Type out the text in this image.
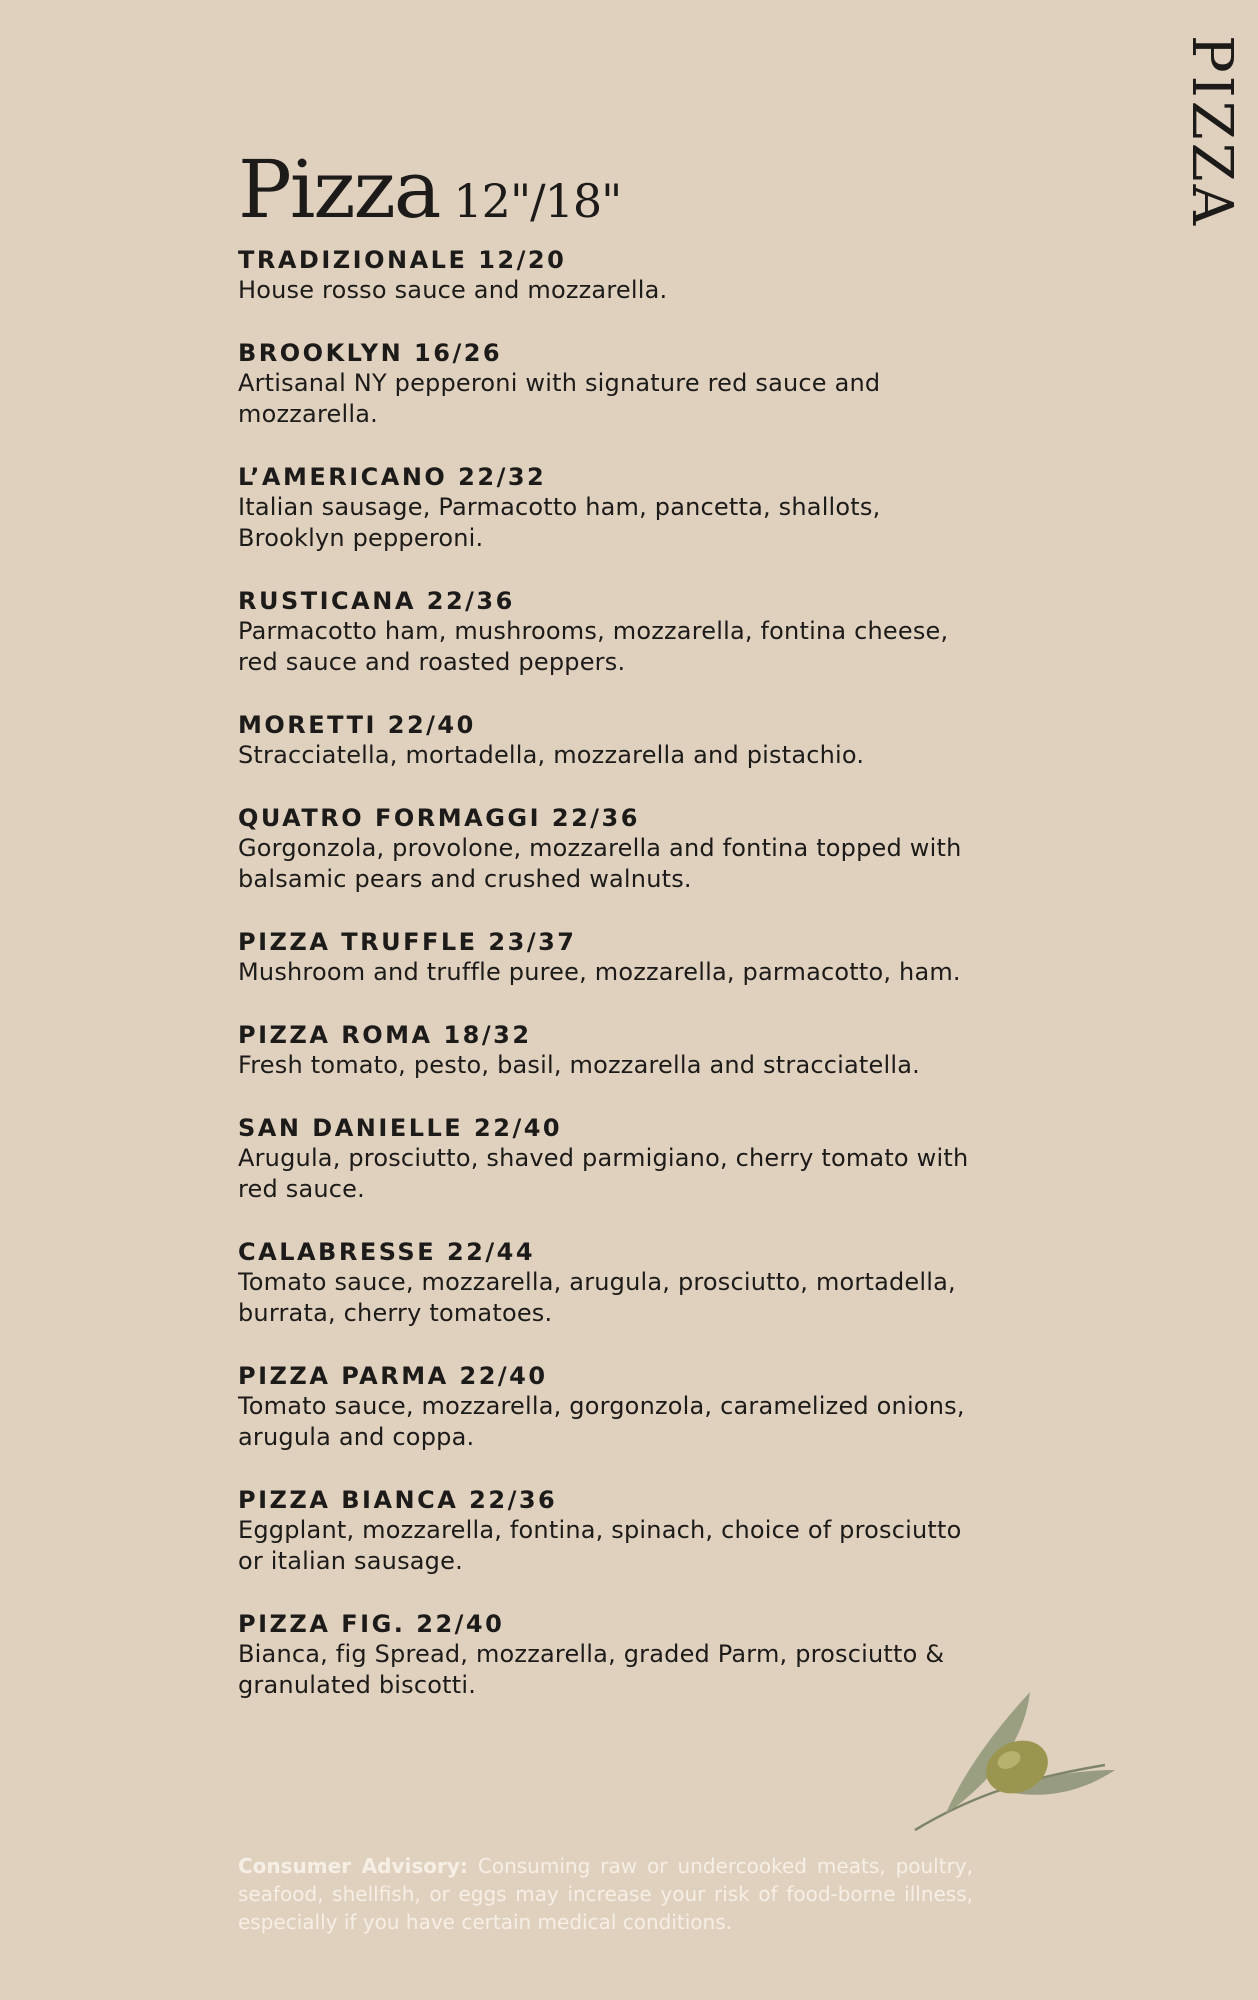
PIZZA
Pizza 12"/18"
TRADIZIONALE 12/20
House rosso sauce and mozzarella.
BROOKLYN 16/26
Artisanal NY pepperoni with signature red sauce and mozzarella.
L’AMERICANO 22/32
Italian sausage, Parmacotto ham, pancetta, shallots, Brooklyn pepperoni.
RUSTICANA 22/36
Parmacotto ham, mushrooms, mozzarella, fontina cheese, red sauce and roasted peppers.
MORETTI 22/40
Stracciatella, mortadella, mozzarella and pistachio.
QUATRO FORMAGGI 22/36
Gorgonzola, provolone, mozzarella and fontina topped with balsamic pears and crushed walnuts.
PIZZA TRUFFLE 23/37
Mushroom and truffle puree, mozzarella, parmacotto, ham.
PIZZA ROMA 18/32
Fresh tomato, pesto, basil, mozzarella and stracciatella.
SAN DANIELLE 22/40
Arugula, prosciutto, shaved parmigiano, cherry tomato with red sauce.
CALABRESSE 22/44
Tomato sauce, mozzarella, arugula, prosciutto, mortadella, burrata, cherry tomatoes.
PIZZA PARMA 22/40
Tomato sauce, mozzarella, gorgonzola, caramelized onions, arugula and coppa.
PIZZA BIANCA 22/36
Eggplant, mozzarella, fontina, spinach, choice of prosciutto or italian sausage.
PIZZA FIG. 22/40
Bianca, fig Spread, mozzarella, graded Parm, prosciutto & granulated biscotti.
Consumer Advisory: Consuming raw or undercooked meats, poultry, seafood, shellfish, or eggs may increase your risk of food-borne illness, especially if you have certain medical conditions.
